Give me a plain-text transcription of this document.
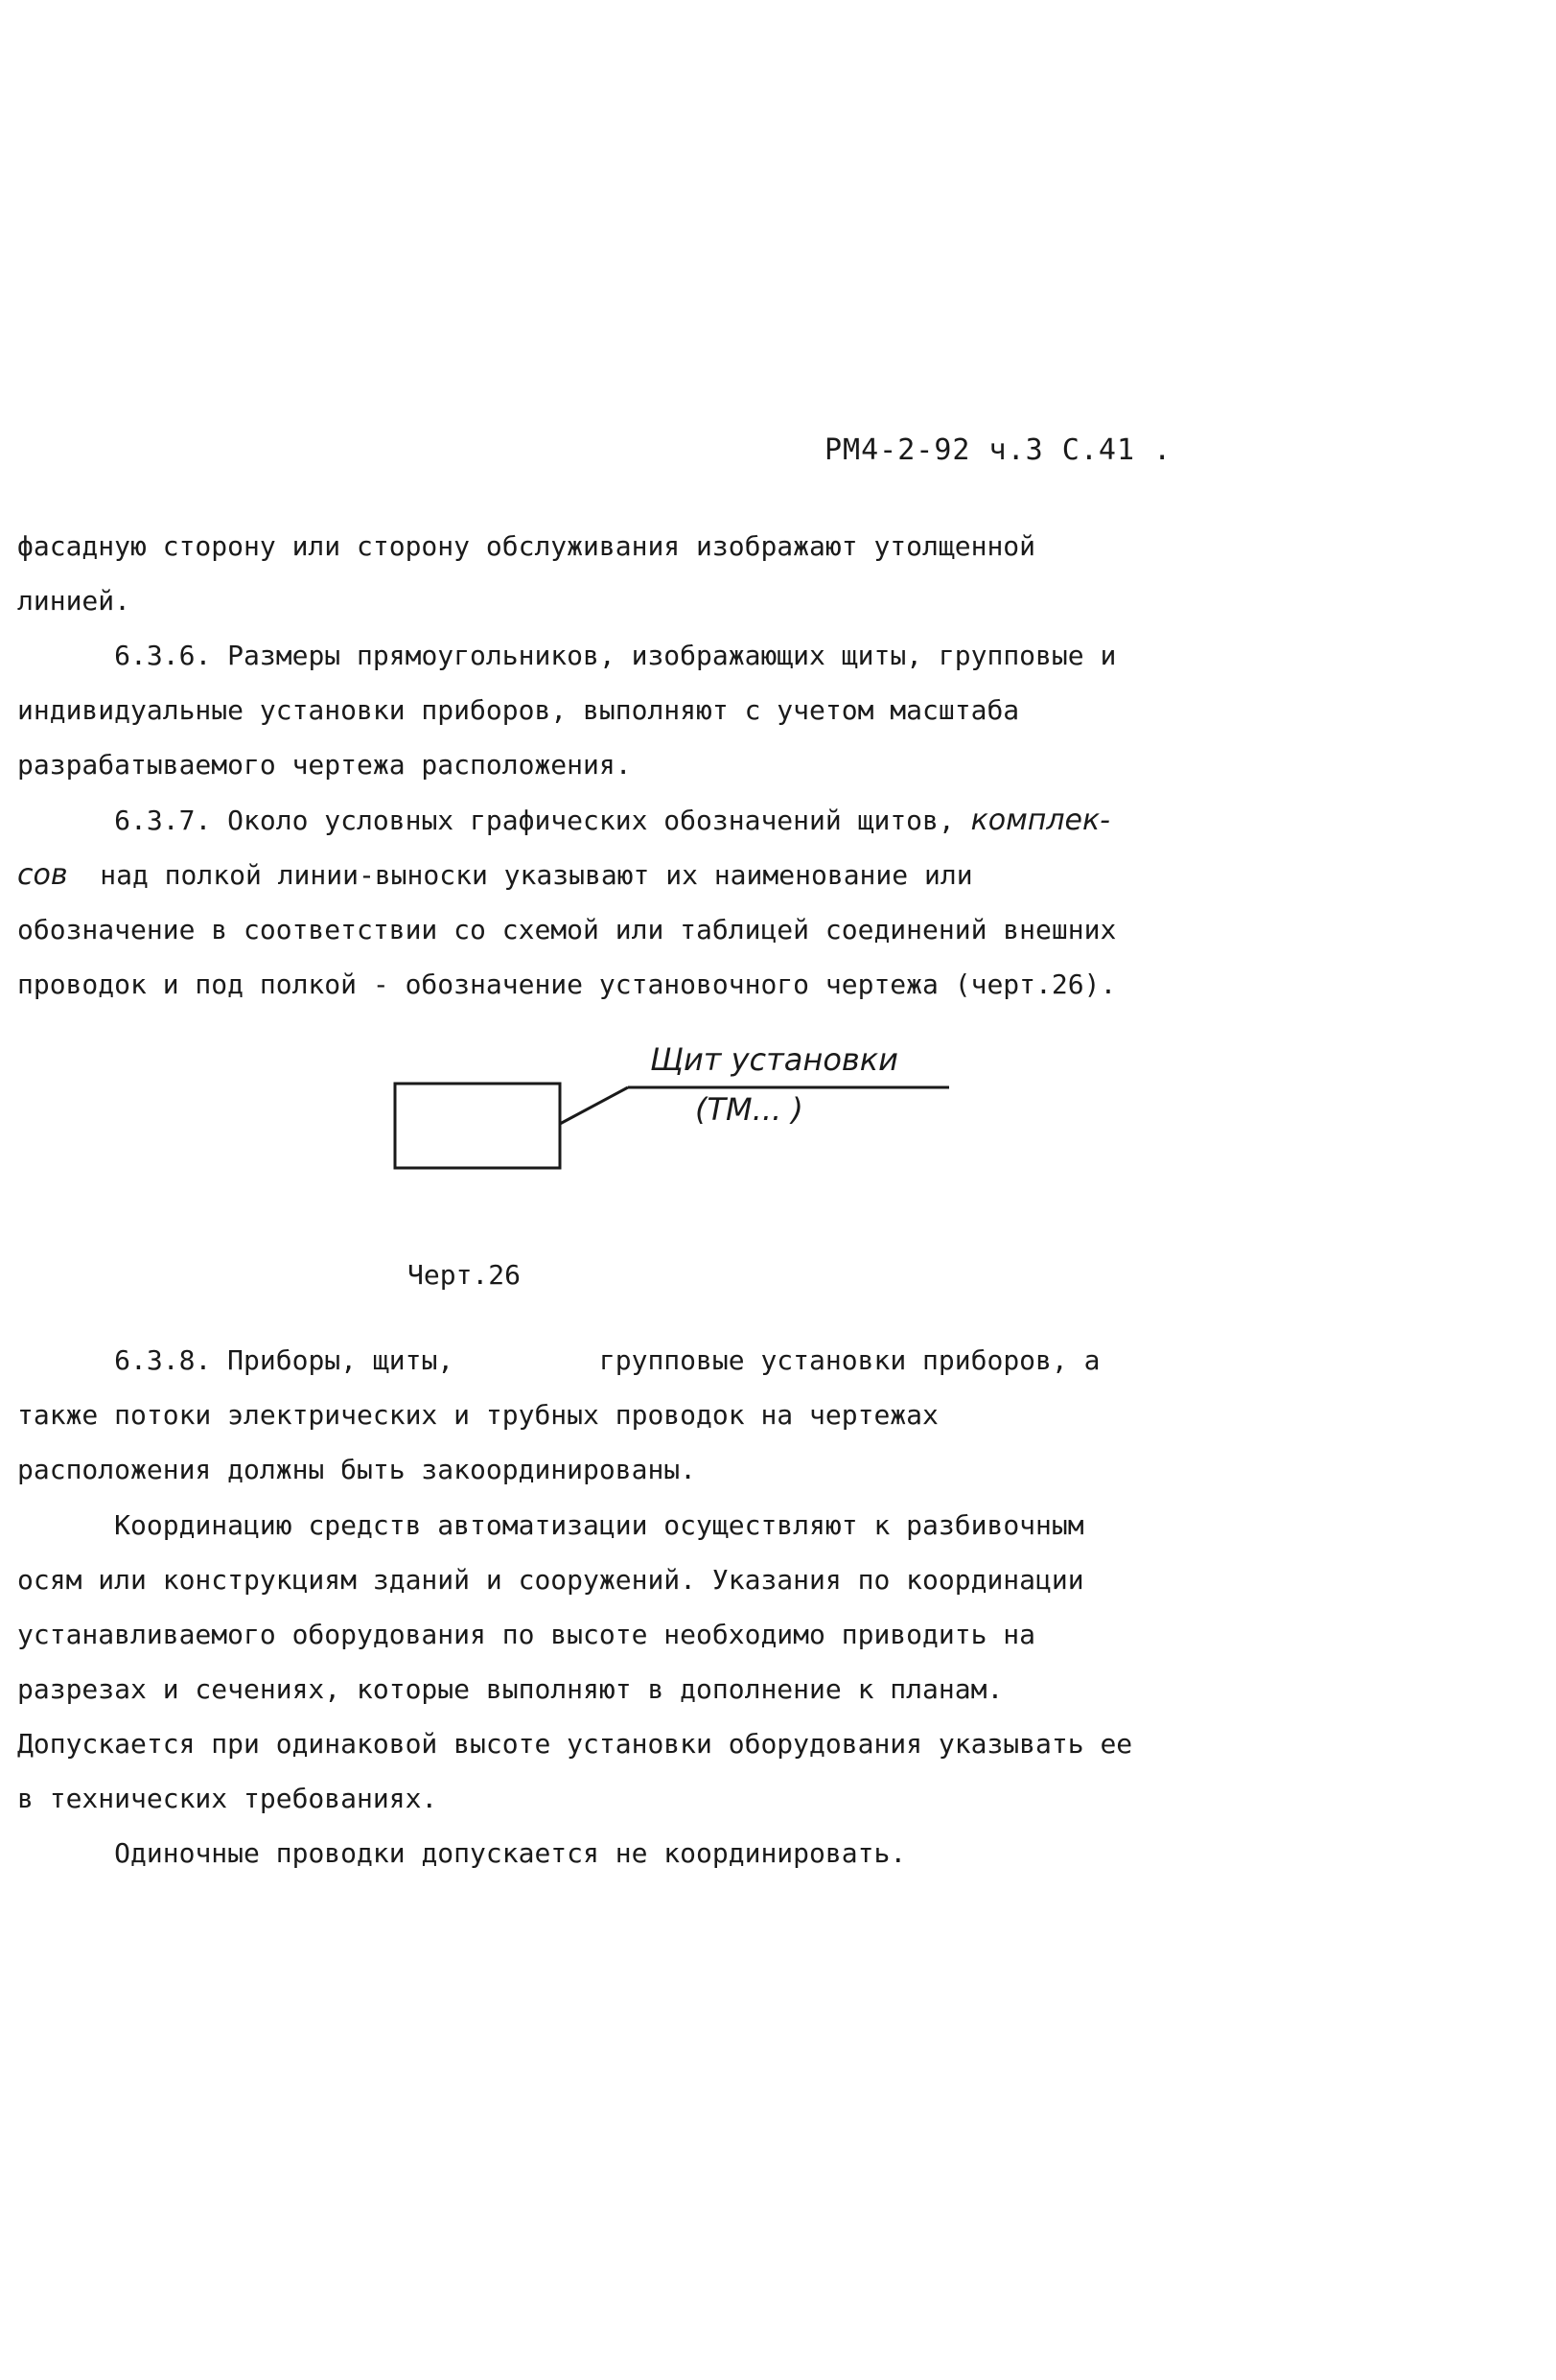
РМ4-2-92 ч.3 С.41 .

фасадную сторону или сторону обслуживания изображают утолщенной линией.

6.3.6. Размеры прямоугольников, изображающих щиты, групповые и индивидуальные установки приборов, выполняют с учетом масштаба разрабатываемого чертежа расположения.

6.3.7. Около условных графических обозначений щитов, комплек-
сов  над полкой линии-выноски указывают их наименование или обозначение в соответствии со схемой или таблицей соединений внешних проводок и под полкой - обозначение установочного чертежа (черт.26).

Щит установки
(ТМ... )
Черт.26

6.3.8. Приборы, щиты,         групповые установки приборов, а также потоки электрических и трубных проводок на чертежах расположения должны быть закоординированы.

Координацию средств автоматизации осуществляют к разбивочным осям или конструкциям зданий и сооружений. Указания по координации устанавливаемого оборудования по высоте необходимо приводить на разрезах и сечениях, которые выполняют в дополнение к планам. Допускается при одинаковой высоте установки оборудования указывать ее в технических требованиях.

Одиночные проводки допускается не координировать.
